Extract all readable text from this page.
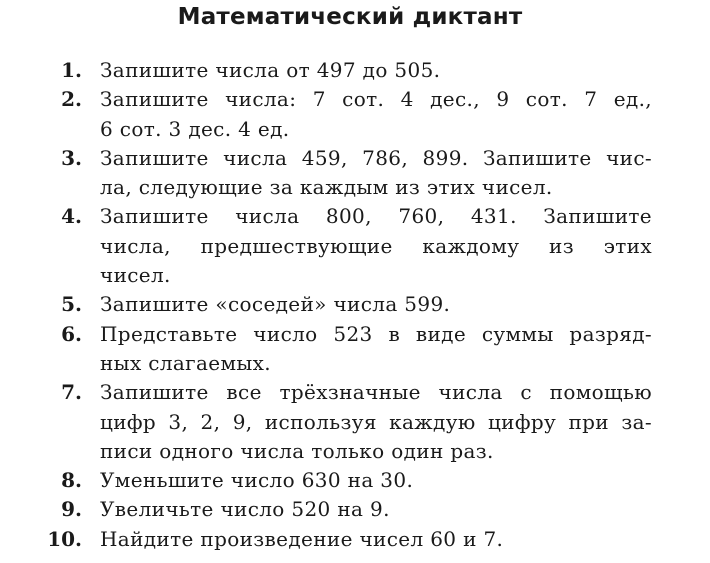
Математический диктант
1. Запишите числа от 497 до 505.
2. Запишите числа: 7 сот. 4 дес., 9 сот. 7 ед.,
6 сот. 3 дес. 4 ед.
3. Запишите числа 459, 786, 899. Запишите чис-
ла, следующие за каждым из этих чисел.
4. Запишите числа 800, 760, 431. Запишите
числа, предшествующие каждому из этих
чисел.
5. Запишите «соседей» числа 599.
6. Представьте число 523 в виде суммы разряд-
ных слагаемых.
7. Запишите все трёхзначные числа с помощью
цифр 3, 2, 9, используя каждую цифру при за-
писи одного числа только один раз.
8. Уменьшите число 630 на 30.
9. Увеличьте число 520 на 9.
10. Найдите произведение чисел 60 и 7.
